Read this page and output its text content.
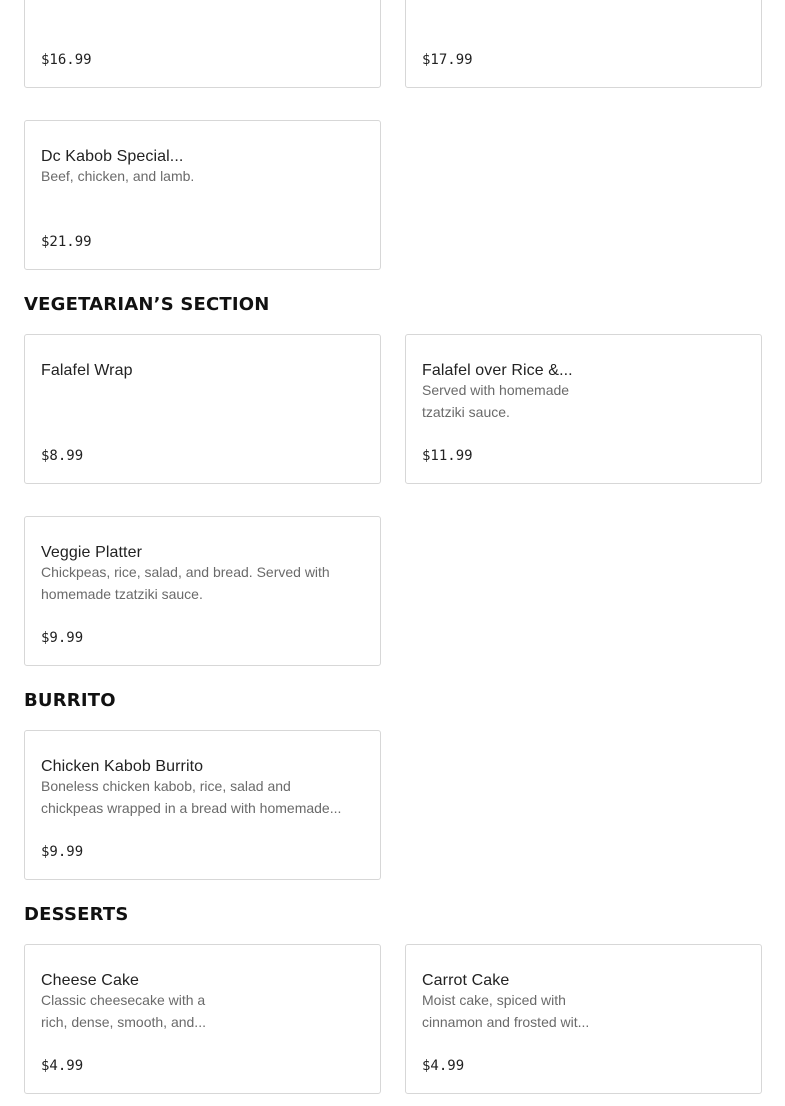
$16.99	$17.99
Dc Kabob Special...
Beef, chicken, and lamb.
$21.99
VEGETARIAN’S SECTION
Falafel Wrap
$8.99
Falafel over Rice &...
Served with homemade
tzatziki sauce.
$11.99
Veggie Platter
Chickpeas, rice, salad, and bread. Served with
homemade tzatziki sauce.
$9.99
BURRITO
Chicken Kabob Burrito
Boneless chicken kabob, rice, salad and
chickpeas wrapped in a bread with homemade...
$9.99
DESSERTS
Cheese Cake
Classic cheesecake with a
rich, dense, smooth, and...
$4.99
Carrot Cake
Moist cake, spiced with
cinnamon and frosted wit...
$4.99
